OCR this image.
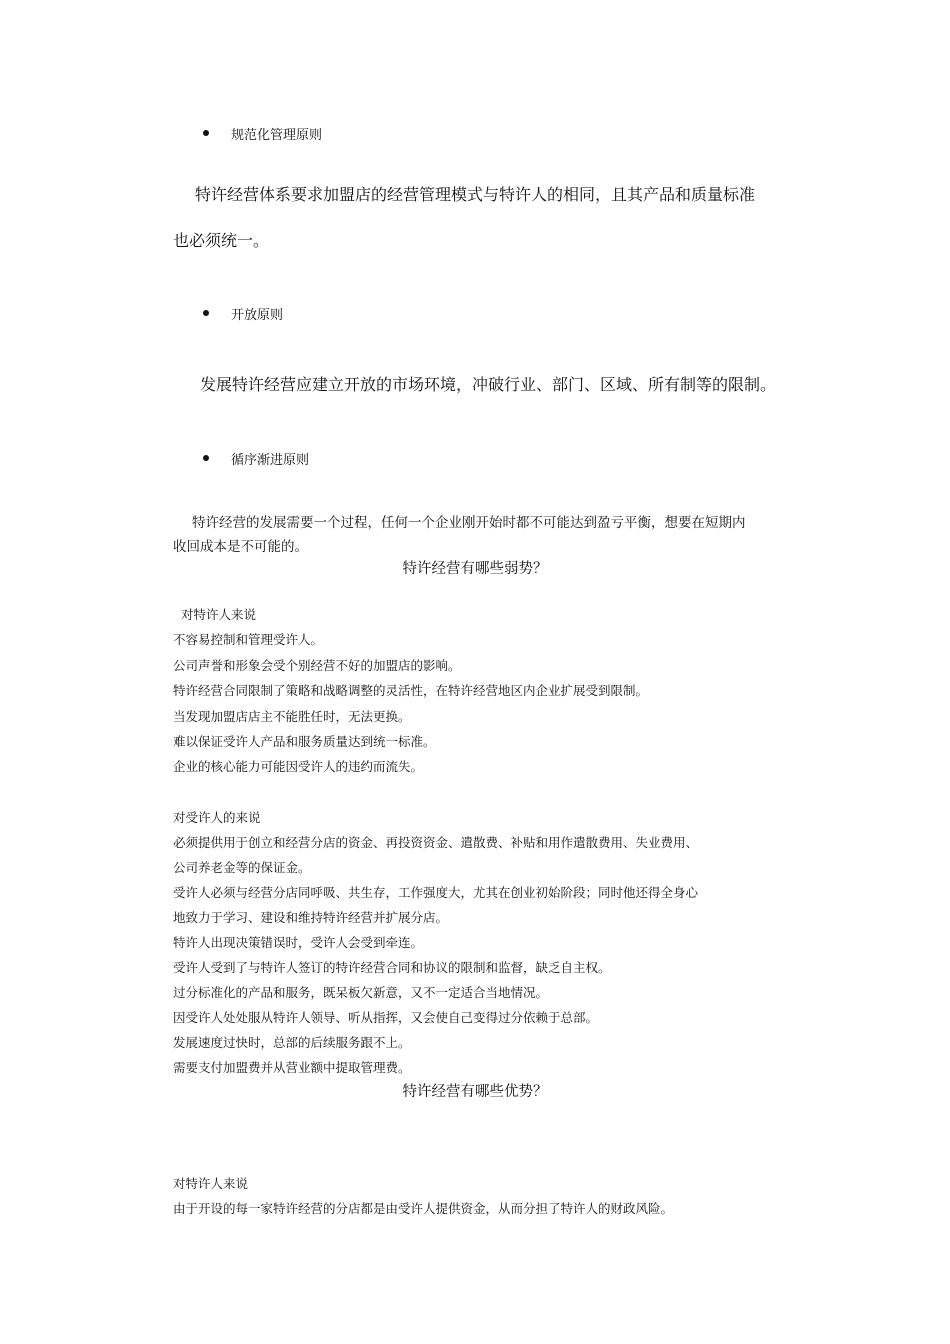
规范化管理原则
特许经营体系要求加盟店的经营管理模式与特许人的相同，且其产品和质量标准
也必须统一。
开放原则
发展特许经营应建立开放的市场环境，冲破行业、部门、区域、所有制等的限制。
循序渐进原则
特许经营的发展需要一个过程，任何一个企业刚开始时都不可能达到盈亏平衡，想要在短期内
收回成本是不可能的。
特许经营有哪些弱势？
对特许人来说
不容易控制和管理受许人。
公司声誉和形象会受个别经营不好的加盟店的影响。
特许经营合同限制了策略和战略调整的灵活性，在特许经营地区内企业扩展受到限制。
当发现加盟店店主不能胜任时，无法更换。
难以保证受许人产品和服务质量达到统一标准。
企业的核心能力可能因受许人的违约而流失。
对受许人的来说
必须提供用于创立和经营分店的资金、再投资资金、遣散费、补贴和用作遣散费用、失业费用、
公司养老金等的保证金。
受许人必须与经营分店同呼吸、共生存，工作强度大，尤其在创业初始阶段；同时他还得全身心
地致力于学习、建设和维持特许经营并扩展分店。
特许人出现决策错误时，受许人会受到牵连。
受许人受到了与特许人签订的特许经营合同和协议的限制和监督，缺乏自主权。
过分标准化的产品和服务，既呆板欠新意，又不一定适合当地情况。
因受许人处处服从特许人领导、听从指挥，又会使自己变得过分依赖于总部。
发展速度过快时，总部的后续服务跟不上。
需要支付加盟费并从营业额中提取管理费。
特许经营有哪些优势？
对特许人来说
由于开设的每一家特许经营的分店都是由受许人提供资金，从而分担了特许人的财政风险。
